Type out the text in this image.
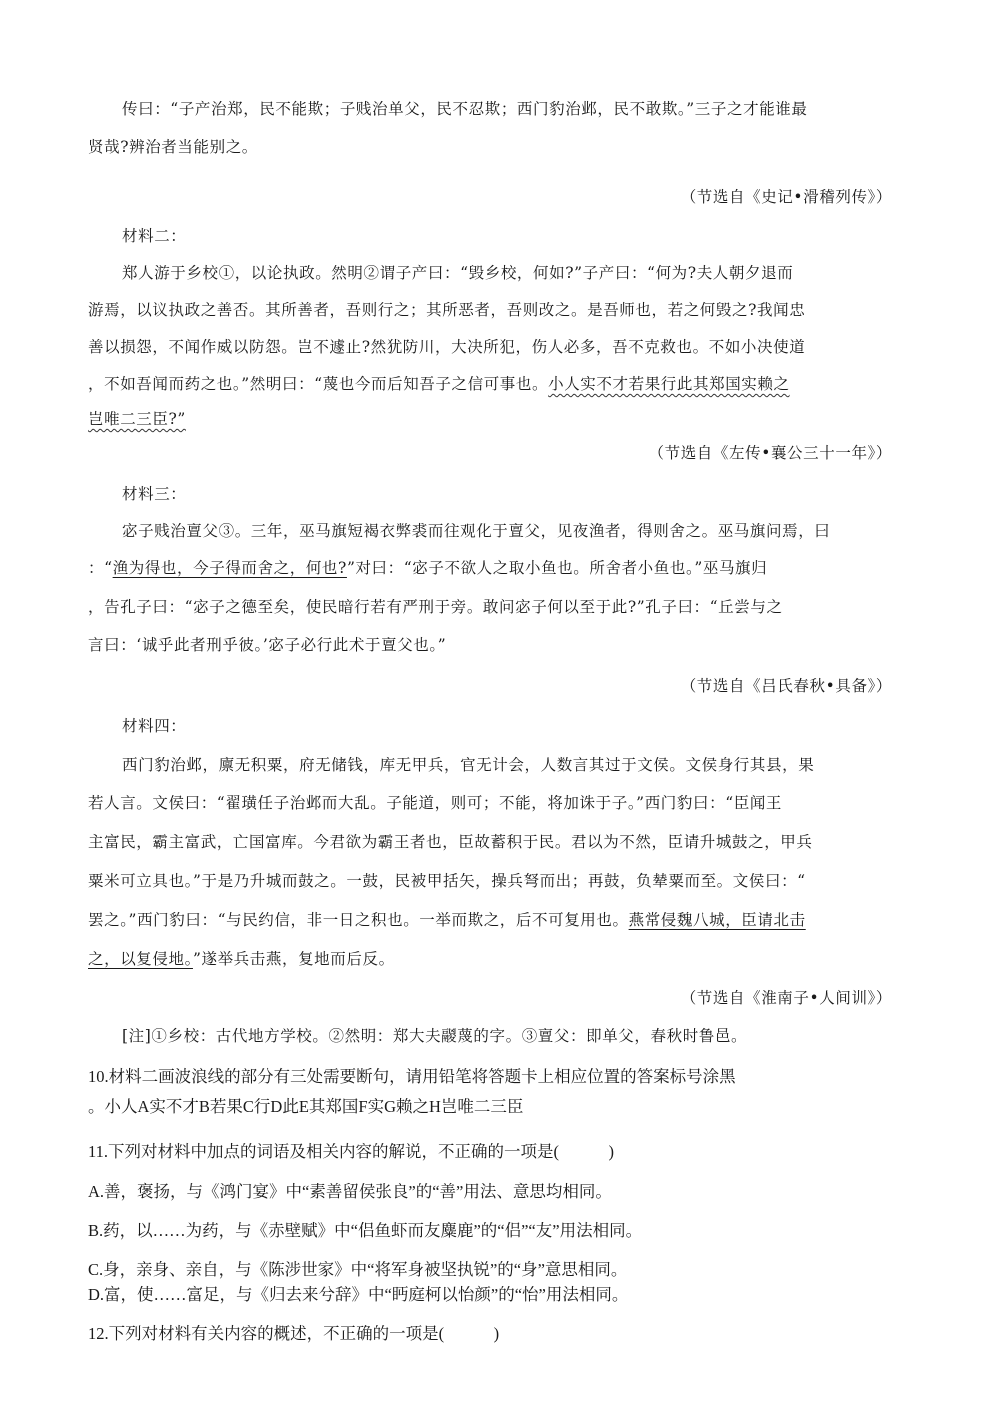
传曰：“子产治郑，民不能欺；子贱治单父，民不忍欺；西门豹治邺，民不敢欺。”三子之才能谁最
贤哉?辨治者当能别之。
（节选自《史记•滑稽列传》）
材料二：
郑人游于乡校①，以论执政。然明②谓子产曰：“毁乡校，何如?”子产曰：“何为?夫人朝夕退而
游焉，以议执政之善否。其所善者，吾则行之；其所恶者，吾则改之。是吾师也，若之何毁之?我闻忠
善以损怨，不闻作威以防怨。岂不遽止?然犹防川，大决所犯，伤人必多，吾不克救也。不如小决使道
，不如吾闻而药之也。”然明曰：“蔑也今而后知吾子之信可事也。小人实不才若果行此其郑国实赖之
岂唯二三臣?”
（节选自《左传•襄公三十一年》）
材料三：
宓子贱治亶父③。三年，巫马旗短褐衣弊裘而往观化于亶父，见夜渔者，得则舍之。巫马旗问焉，曰
：“渔为得也，今子得而舍之，何也?”对曰：“宓子不欲人之取小鱼也。所舍者小鱼也。”巫马旗归
，告孔子曰：“宓子之德至矣，使民暗行若有严刑于旁。敢问宓子何以至于此?”孔子曰：“丘尝与之
言曰：‘诚乎此者刑乎彼。’宓子必行此术于亶父也。”
（节选自《吕氏春秋•具备》）
材料四：
西门豹治邺，廪无积粟，府无储钱，库无甲兵，官无计会，人数言其过于文侯。文侯身行其县，果
若人言。文侯曰：“翟璜任子治邺而大乱。子能道，则可；不能，将加诛于子。”西门豹曰：“臣闻王
主富民，霸主富武，亡国富库。今君欲为霸王者也，臣故蓄积于民。君以为不然，臣请升城鼓之，甲兵
粟米可立具也。”于是乃升城而鼓之。一鼓，民被甲括矢，操兵弩而出；再鼓，负辇粟而至。文侯曰：“
罢之。”西门豹曰：“与民约信，非一日之积也。一举而欺之，后不可复用也。燕常侵魏八城，臣请北击
之，以复侵地。”遂举兵击燕，复地而后反。
（节选自《淮南子•人间训》）
[注]①乡校：古代地方学校。②然明：郑大夫鬷蔑的字。③亶父：即单父，春秋时鲁邑。
10.材料二画波浪线的部分有三处需要断句，请用铅笔将答题卡上相应位置的答案标号涂黑
。小人A实不才B若果C行D此E其郑国F实G赖之H岂唯二三臣
11.下列对材料中加点的词语及相关内容的解说，不正确的一项是(　　　)
A.善，褒扬，与《鸿门宴》中“素善留侯张良”的“善”用法、意思均相同。
B.药，以……为药，与《赤壁赋》中“侣鱼虾而友麋鹿”的“侣”“友”用法相同。
C.身，亲身、亲自，与《陈涉世家》中“将军身被坚执锐”的“身”意思相同。
D.富，使……富足，与《归去来兮辞》中“眄庭柯以怡颜”的“怡”用法相同。
12.下列对材料有关内容的概述，不正确的一项是(　　　)
